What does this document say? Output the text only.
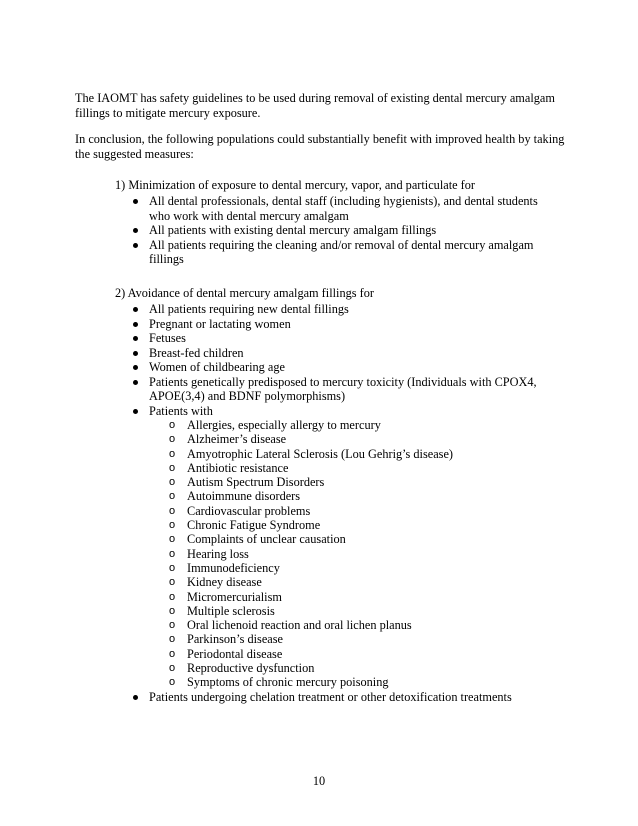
The IAOMT has safety guidelines to be used during removal of existing dental mercury amalgam fillings to mitigate mercury exposure.

In conclusion, the following populations could substantially benefit with improved health by taking the suggested measures:

1) Minimization of exposure to dental mercury, vapor, and particulate for

All dental professionals, dental staff (including hygienists), and dental students who work with dental mercury amalgam
All patients with existing dental mercury amalgam fillings
All patients requiring the cleaning and/or removal of dental mercury amalgam fillings

2) Avoidance of dental mercury amalgam fillings for

All patients requiring new dental fillings
Pregnant or lactating women
Fetuses
Breast-fed children
Women of childbearing age
Patients genetically predisposed to mercury toxicity (Individuals with CPOX4, APOE(3,4) and BDNF polymorphisms)
Patients with
o Allergies, especially allergy to mercury
o Alzheimer’s disease
o Amyotrophic Lateral Sclerosis (Lou Gehrig’s disease)
o Antibiotic resistance
o Autism Spectrum Disorders
o Autoimmune disorders
o Cardiovascular problems
o Chronic Fatigue Syndrome
o Complaints of unclear causation
o Hearing loss
o Immunodeficiency
o Kidney disease
o Micromercurialism
o Multiple sclerosis
o Oral lichenoid reaction and oral lichen planus
o Parkinson’s disease
o Periodontal disease
o Reproductive dysfunction
o Symptoms of chronic mercury poisoning
Patients undergoing chelation treatment or other detoxification treatments
10
